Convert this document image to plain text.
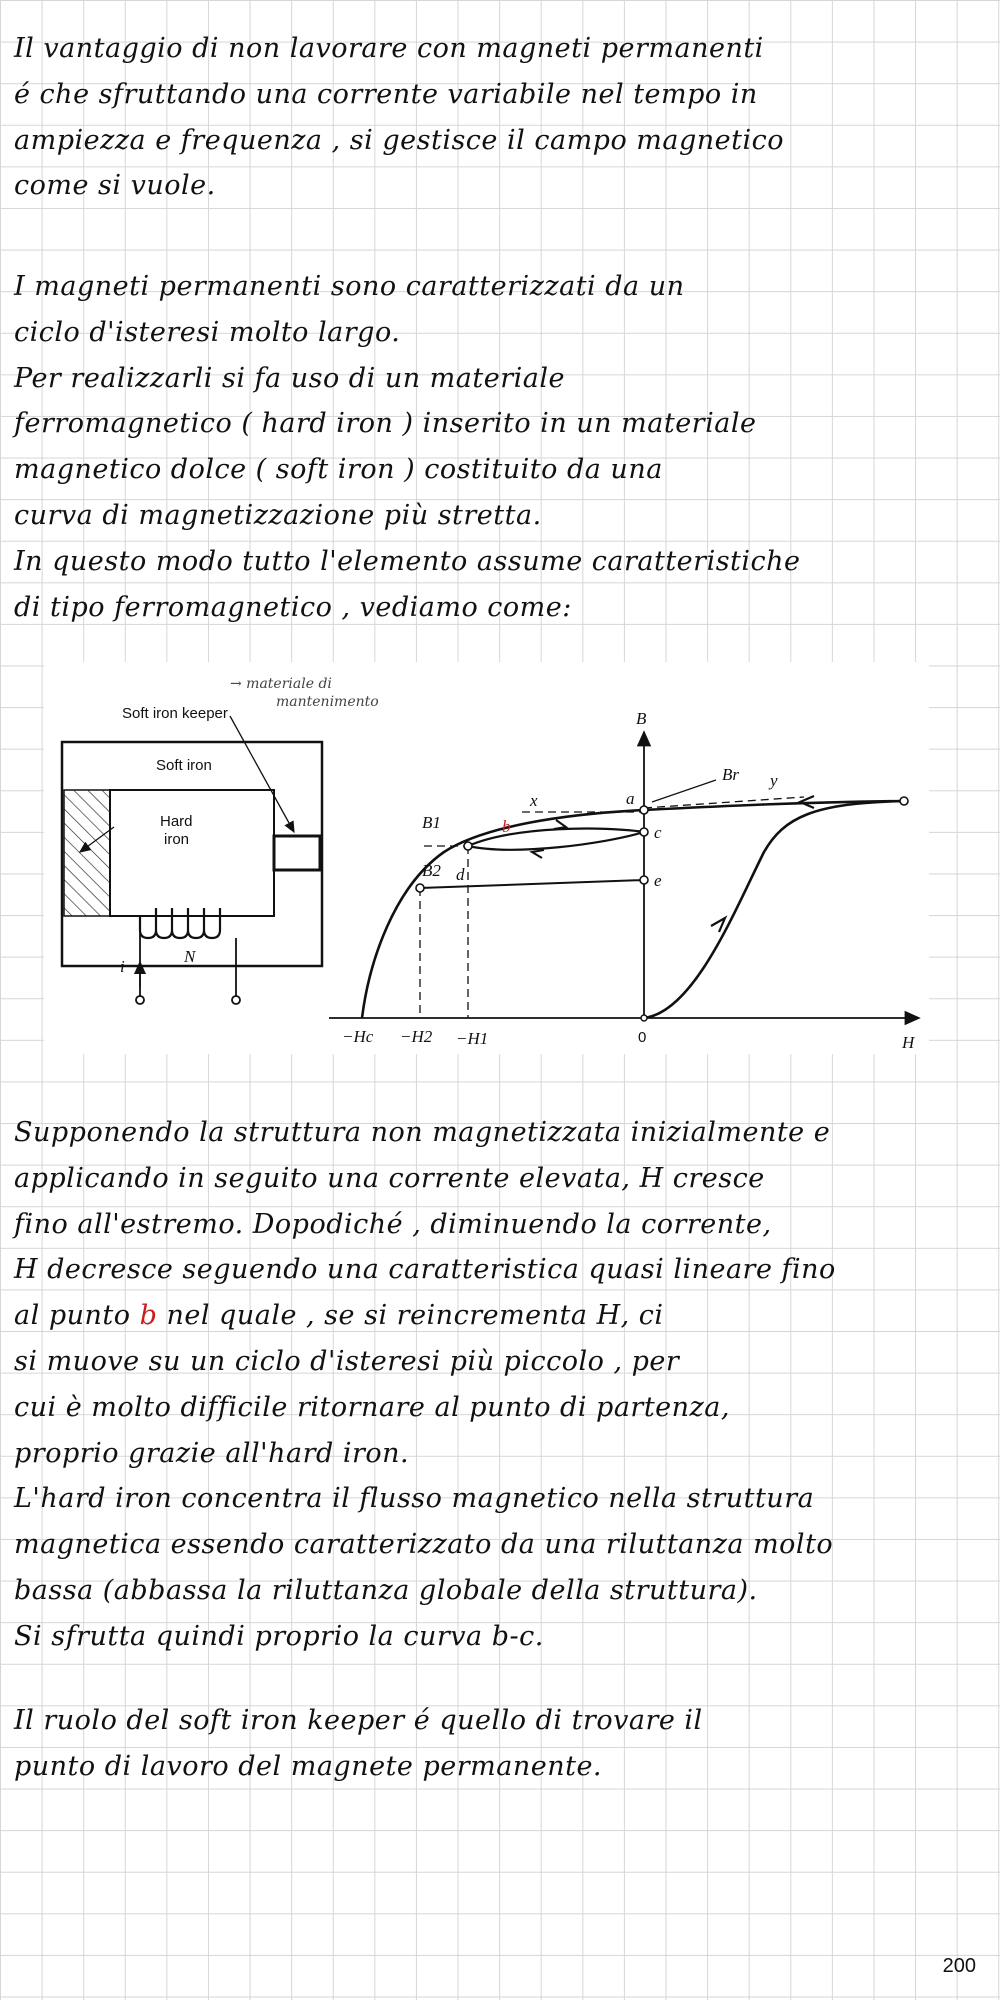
Il vantaggio di non lavorare con magneti permanenti
é che sfruttando una corrente variabile nel tempo in
ampiezza e frequenza , si gestisce il campo magnetico
come si vuole.

I magneti permanenti sono caratterizzati da un
ciclo d'isteresi molto largo.
Per realizzarli si fa uso di un materiale
ferromagnetico ( hard iron ) inserito in un materiale
magnetico dolce ( soft iron ) costituito da una
curva di magnetizzazione più stretta.
In questo modo tutto l'elemento assume caratteristiche
di tipo ferromagnetico , vediamo come:

Soft iron keeper
→ materiale di
mantenimento
Soft iron
Hard
iron
i
N
B
H
Br
B1
B2
a
b	c
d	e
x
y
0
−Hc −H2 −H1

Supponendo la struttura non magnetizzata inizialmente e
applicando in seguito una corrente elevata, H cresce
fino all'estremo. Dopodiché , diminuendo la corrente,
H decresce seguendo una caratteristica quasi lineare fino
al punto b nel quale , se si reincrementa H, ci
si muove su un ciclo d'isteresi più piccolo , per
cui è molto difficile ritornare al punto di partenza,
proprio grazie all'hard iron.
L'hard iron concentra il flusso magnetico nella struttura
magnetica essendo caratterizzato da una riluttanza molto
bassa (abbassa la riluttanza globale della struttura).
Si sfrutta quindi proprio la curva b-c.

Il ruolo del soft iron keeper é quello di trovare il
punto di lavoro del magnete permanente.

200
